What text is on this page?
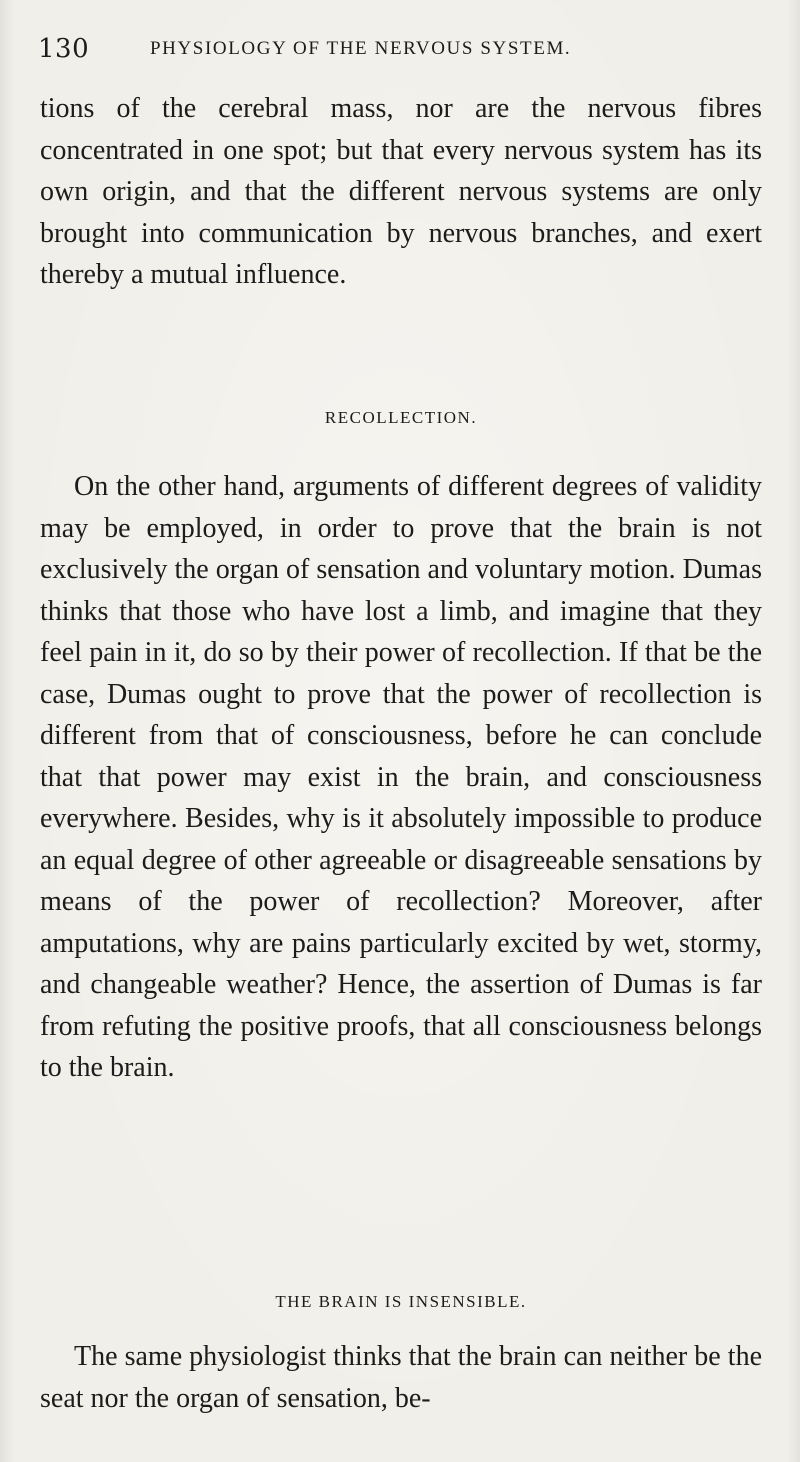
130	PHYSIOLOGY OF THE NERVOUS SYSTEM.

tions of the cerebral mass, nor are the nervous fibres concentrated in one spot; but that every nervous system has its own origin, and that the different nervous systems are only brought into communication by nervous branches, and exert thereby a mutual influence.

RECOLLECTION.

On the other hand, arguments of different degrees of validity may be employed, in order to prove that the brain is not exclusively the organ of sensation and voluntary motion. Dumas thinks that those who have lost a limb, and imagine that they feel pain in it, do so by their power of recollection. If that be the case, Dumas ought to prove that the power of recollection is different from that of consciousness, before he can conclude that that power may exist in the brain, and consciousness everywhere. Besides, why is it absolutely impossible to produce an equal degree of other agreeable or disagreeable sensations by means of the power of recollection? Moreover, after amputations, why are pains particularly excited by wet, stormy, and changeable weather? Hence, the assertion of Dumas is far from refuting the positive proofs, that all consciousness belongs to the brain.

THE BRAIN IS INSENSIBLE.

The same physiologist thinks that the brain can neither be the seat nor the organ of sensation, be-
